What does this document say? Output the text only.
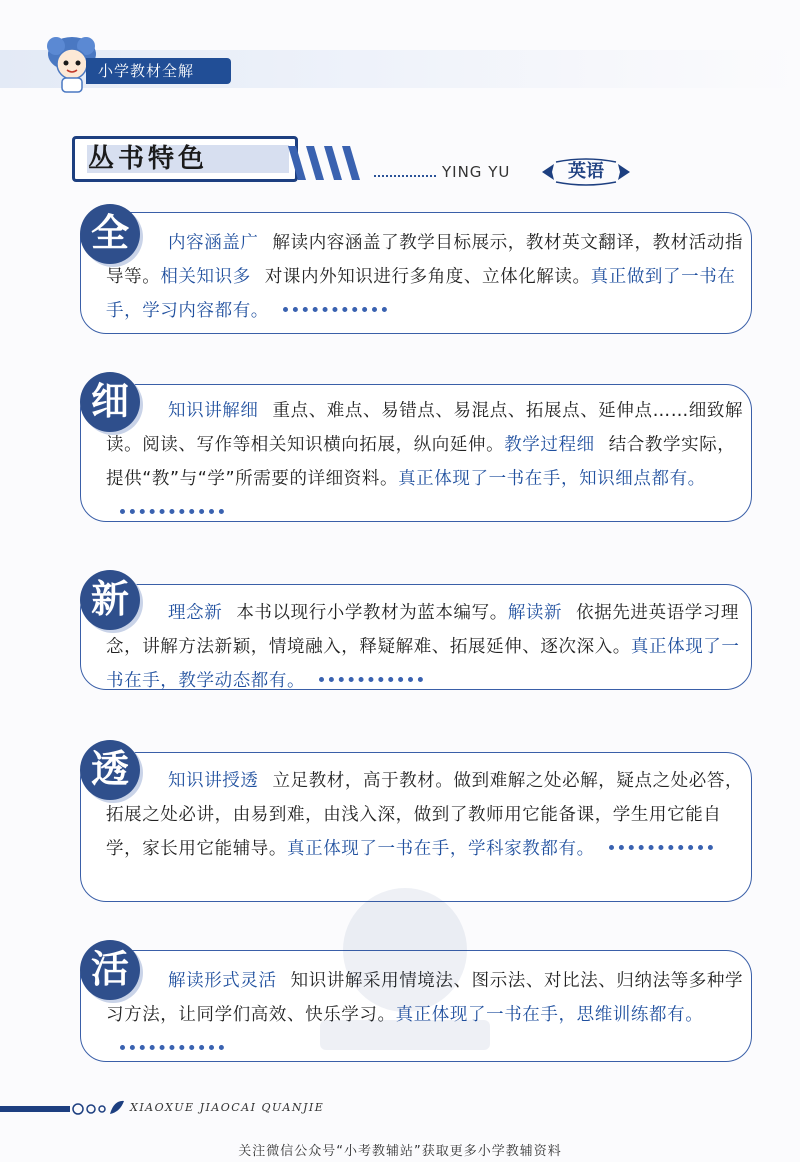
小学教材全解
丛书特色	YING YU	英语
内容涵盖广 解读内容涵盖了教学目标展示，教材英文翻译，教材活动指导等。相关知识多 对课内外知识进行多角度、立体化解读。真正做到了一书在手，学习内容都有。
知识讲解细 重点、难点、易错点、易混点、拓展点、延伸点……细致解读。阅读、写作等相关知识横向拓展，纵向延伸。教学过程细 结合教学实际，提供“教”与“学”所需要的详细资料。真正体现了一书在手，知识细点都有。
理念新 本书以现行小学教材为蓝本编写。解读新 依据先进英语学习理念，讲解方法新颖，情境融入，释疑解难、拓展延伸、逐次深入。真正体现了一书在手，教学动态都有。
知识讲授透 立足教材，高于教材。做到难解之处必解，疑点之处必答，拓展之处必讲，由易到难，由浅入深，做到了教师用它能备课，学生用它能自学，家长用它能辅导。真正体现了一书在手，学科家教都有。
解读形式灵活 知识讲解采用情境法、图示法、对比法、归纳法等多种学习方法，让同学们高效、快乐学习。真正体现了一书在手，思维训练都有。
全
细
新
透
活
XIAOXUE JIAOCAI QUANJIE
关注微信公众号“小考教辅站”获取更多小学教辅资料
